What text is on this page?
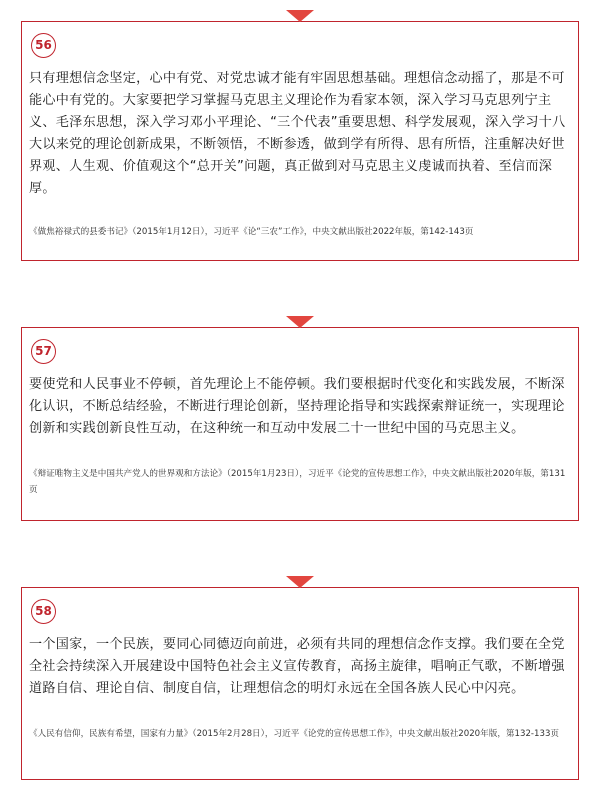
56

只有理想信念坚定，心中有党、对党忠诚才能有牢固思想基础。理想信念动摇了，那是不可能心中有党的。大家要把学习掌握马克思主义理论作为看家本领，深入学习马克思列宁主义、毛泽东思想，深入学习邓小平理论、“三个代表”重要思想、科学发展观，深入学习十八大以来党的理论创新成果，不断领悟，不断参透，做到学有所得、思有所悟，注重解决好世界观、人生观、价值观这个“总开关”问题，真正做到对马克思主义虔诚而执着、至信而深厚。

《做焦裕禄式的县委书记》（2015年1月12日），习近平《论“三农”工作》，中央文献出版社2022年版，第142-143页

57

要使党和人民事业不停顿，首先理论上不能停顿。我们要根据时代变化和实践发展，不断深化认识，不断总结经验，不断进行理论创新，坚持理论指导和实践探索辩证统一，实现理论创新和实践创新良性互动，在这种统一和互动中发展二十一世纪中国的马克思主义。

《辩证唯物主义是中国共产党人的世界观和方法论》（2015年1月23日），习近平《论党的宣传思想工作》，中央文献出版社2020年版，第131页

58

一个国家，一个民族，要同心同德迈向前进，必须有共同的理想信念作支撑。我们要在全党全社会持续深入开展建设中国特色社会主义宣传教育，高扬主旋律，唱响正气歌，不断增强道路自信、理论自信、制度自信，让理想信念的明灯永远在全国各族人民心中闪亮。

《人民有信仰，民族有希望，国家有力量》（2015年2月28日），习近平《论党的宣传思想工作》，中央文献出版社2020年版，第132-133页
